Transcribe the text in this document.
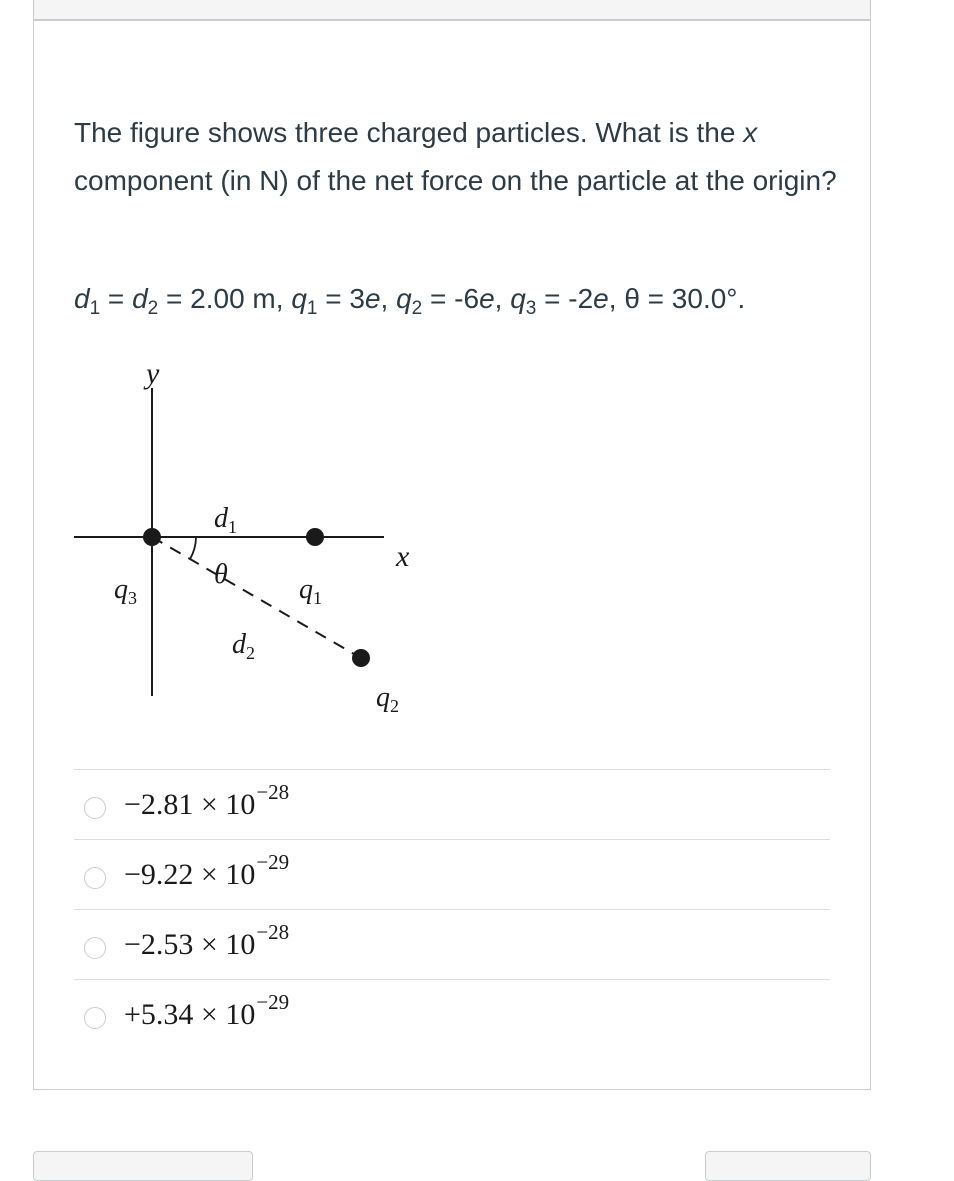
The figure shows three charged particles. What is the x component (in N) of the net force on the particle at the origin?

$d_1 = d_2 = 2.00$ m, $q_1 = 3e$, $q_2 = -6e$, $q_3 = -2e$, θ = 30.0°.

y
x
$d_1$
θ
$d_2$
$q_3$	$q_1$
$q_2$
$-2.81 \times 10^{-28}$
$-9.22 \times 10^{-29}$
$-2.53 \times 10^{-28}$
$+5.34 \times 10^{-29}$
